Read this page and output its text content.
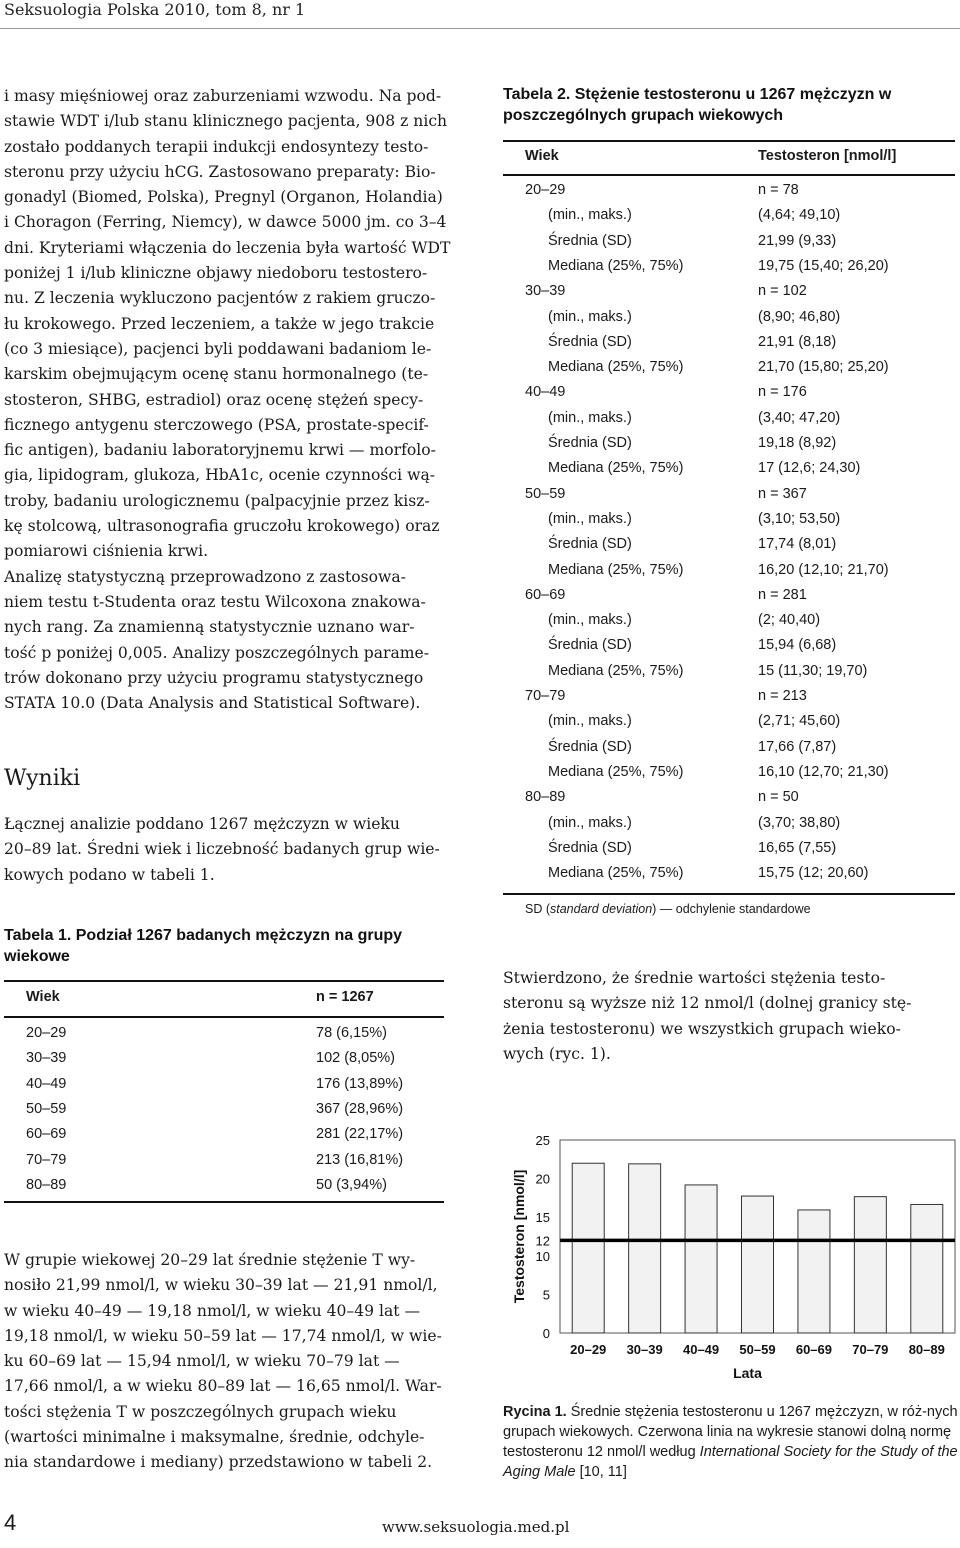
Seksuologia Polska 2010, tom 8, nr 1
i masy mięśniowej oraz zaburzeniami wzwodu. Na pod-
stawie WDT i/lub stanu klinicznego pacjenta, 908 z nich
zostało poddanych terapii indukcji endosyntezy testo-
steronu przy użyciu hCG. Zastosowano preparaty: Bio-
gonadyl (Biomed, Polska), Pregnyl (Organon, Holandia)
i Choragon (Ferring, Niemcy), w dawce 5000 jm. co 3–4
dni. Kryteriami włączenia do leczenia była wartość WDT
poniżej 1 i/lub kliniczne objawy niedoboru testostero-
nu. Z leczenia wykluczono pacjentów z rakiem gruczo-
łu krokowego. Przed leczeniem, a także w jego trakcie
(co 3 miesiące), pacjenci byli poddawani badaniom le-
karskim obejmującym ocenę stanu hormonalnego (te-
stosteron, SHBG, estradiol) oraz ocenę stężeń specy-
ficznego antygenu sterczowego (PSA, prostate-specif-
fic antigen), badaniu laboratoryjnemu krwi — morfolo-
gia, lipidogram, glukoza, HbA1c, ocenie czynności wą-
troby, badaniu urologicznemu (palpacyjnie przez kisz-
kę stolcową, ultrasonografia gruczołu krokowego) oraz
pomiarowi ciśnienia krwi.
Analizę statystyczną przeprowadzono z zastosowa-
niem testu t-Studenta oraz testu Wilcoxona znakowa-
nych rang. Za znamienną statystycznie uznano war-
tość p poniżej 0,005. Analizy poszczególnych parame-
trów dokonano przy użyciu programu statystycznego
STATA 10.0 (Data Analysis and Statistical Software).
Wyniki
Łącznej analizie poddano 1267 mężczyzn w wieku
20–89 lat. Średni wiek i liczebność badanych grup wie-
kowych podano w tabeli 1.
Tabela 1. Podział 1267 badanych mężczyzn na grupy wiekowe
Wiek	n = 1267
20–29	78 (6,15%)
30–39	102 (8,05%)
40–49	176 (13,89%)
50–59	367 (28,96%)
60–69	281 (22,17%)
70–79	213 (16,81%)
80–89	50 (3,94%)
W grupie wiekowej 20–29 lat średnie stężenie T wy-
nosiło 21,99 nmol/l, w wieku 30–39 lat — 21,91 nmol/l,
w wieku 40–49 — 19,18 nmol/l, w wieku 40–49 lat —
19,18 nmol/l, w wieku 50–59 lat — 17,74 nmol/l, w wie-
ku 60–69 lat — 15,94 nmol/l, w wieku 70–79 lat —
17,66 nmol/l, a w wieku 80–89 lat — 16,65 nmol/l. War-
tości stężenia T w poszczególnych grupach wieku
(wartości minimalne i maksymalne, średnie, odchyle-
nia standardowe i mediany) przedstawiono w tabeli 2.
Tabela 2. Stężenie testosteronu u 1267 mężczyzn w poszczególnych grupach wiekowych
Wiek	Testosteron [nmol/l]
20–29	n = 78
(min., maks.)	(4,64; 49,10)
Średnia (SD)	21,99 (9,33)
Mediana (25%, 75%)	19,75 (15,40; 26,20)
30–39	n = 102
(min., maks.)	(8,90; 46,80)
Średnia (SD)	21,91 (8,18)
Mediana (25%, 75%)	21,70 (15,80; 25,20)
40–49	n = 176
(min., maks.)	(3,40; 47,20)
Średnia (SD)	19,18 (8,92)
Mediana (25%, 75%)	17 (12,6; 24,30)
50–59	n = 367
(min., maks.)	(3,10; 53,50)
Średnia (SD)	17,74 (8,01)
Mediana (25%, 75%)	16,20 (12,10; 21,70)
60–69	n = 281
(min., maks.)	(2; 40,40)
Średnia (SD)	15,94 (6,68)
Mediana (25%, 75%)	15 (11,30; 19,70)
70–79	n = 213
(min., maks.)	(2,71; 45,60)
Średnia (SD)	17,66 (7,87)
Mediana (25%, 75%)	16,10 (12,70; 21,30)
80–89	n = 50
(min., maks.)	(3,70; 38,80)
Średnia (SD)	16,65 (7,55)
Mediana (25%, 75%)	15,75 (12; 20,60)
SD (standard deviation) — odchylenie standardowe
Stwierdzono, że średnie wartości stężenia testo-
steronu są wyższe niż 12 nmol/l (dolnej granicy stę-
żenia testosteronu) we wszystkich grupach wieko-
wych (ryc. 1).
0
5
10
12
15
20
25
20–29 30–39 40–49 50–59 60–69 70–79 80–89
Lata
Testosteron [nmol/l]
Rycina 1. Średnie stężenia testosteronu u 1267 mężczyzn, w róż-nych grupach wiekowych. Czerwona linia na wykresie stanowi dolną normę testosteronu 12 nmol/l według International Society for the Study of the Aging Male [10, 11]
4	www.seksuologia.med.pl
